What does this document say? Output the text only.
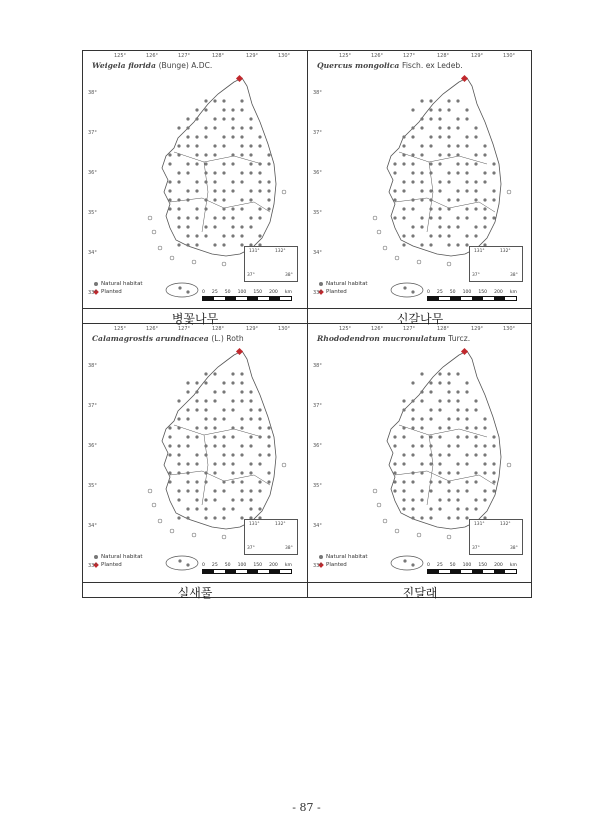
Weigela florida (Bunge) A.DC.
Natural habitat
Planted
125°	126°	127°	128°	129°	130°
38°
37°
36°
35°
34°
33°	0 25 50 100 150 200 km
131°	132°
37°	38°
Quercus mongolica Fisch. ex Ledeb.
Natural habitat
Planted
125°	126°	127°	128°	129°	130°
38°
37°
36°
35°
34°
33°	0 25 50 100 150 200 km
131°	132°
37°	38°
Calamagrostis arundinacea (L.) Roth
Natural habitat
Planted
125°	126°	127°	128°	129°	130°
38°
37°
36°
35°
34°
33°	0 25 50 100 150 200 km
131°	132°
37°	38°
Rhododendron mucronulatum Turcz.
Natural habitat
Planted
125°	126°	127°	128°	129°	130°
38°
37°
36°
35°
34°
33°	0 25 50 100 150 200 km
131°	132°
37°	38°
병꽃나무	신갈나무
실새풀	진달래
- 87 -
